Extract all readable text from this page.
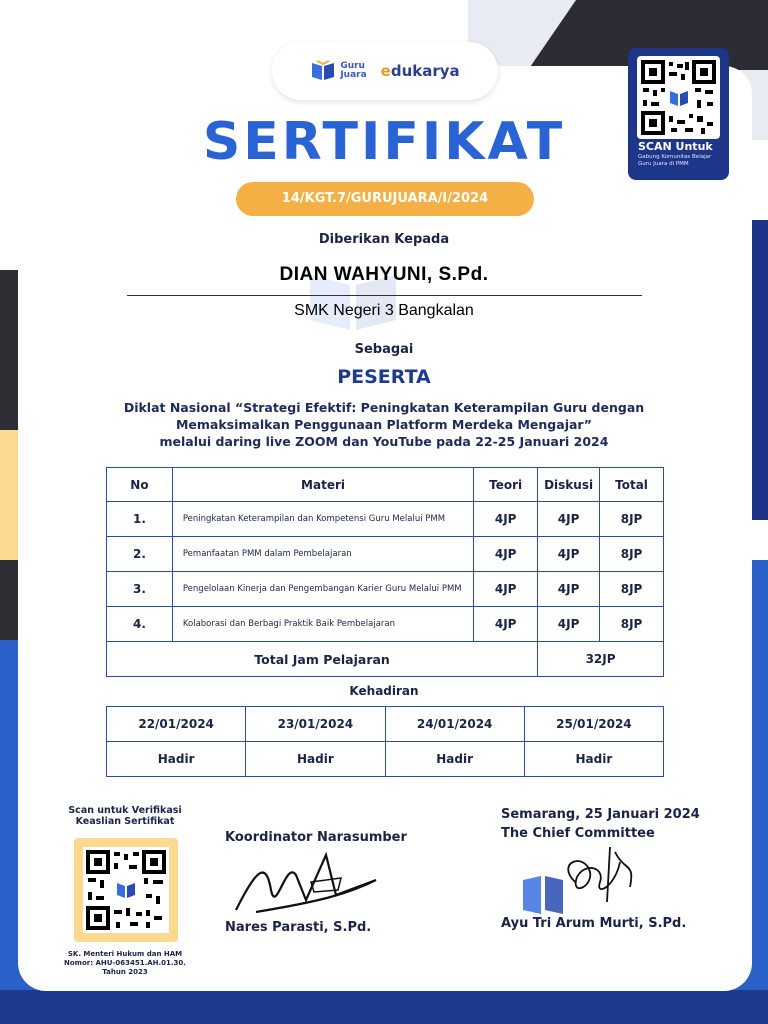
Guru
Juara edukarya
SCAN Untuk
Gabung Komunitas Belajar Guru Juara di PMM
SERTIFIKAT
14/KGT.7/GURUJUARA/I/2024
Diberikan Kepada
DIAN WAHYUNI, S.Pd.
SMK Negeri 3 Bangkalan
Sebagai
PESERTA
Diklat Nasional “Strategi Efektif: Peningkatan Keterampilan Guru dengan
Memaksimalkan Penggunaan Platform Merdeka Mengajar”
melalui daring live ZOOM dan YouTube pada 22-25 Januari 2024
No	Materi	Teori	Diskusi	Total
1.	Peningkatan Keterampilan dan Kompetensi Guru Melalui PMM	4JP	4JP	8JP
2.	Pemanfaatan PMM dalam Pembelajaran	4JP	4JP	8JP
3.	Pengelolaan Kinerja dan Pengembangan Karier Guru Melalui PMM	4JP	4JP	8JP
4.	Kolaborasi dan Berbagi Praktik Baik Pembelajaran	4JP	4JP	8JP
Total Jam Pelajaran			32JP	
Kehadiran
22/01/2024	23/01/2024	24/01/2024	25/01/2024
Hadir	Hadir	Hadir	Hadir
Scan untuk Verifikasi
Keaslian Sertifikat
SK. Menteri Hukum dan HAM
Nomor: AHU-063451.AH.01.30.
Tahun 2023
Koordinator Narasumber
Nares Parasti, S.Pd.
Semarang, 25 Januari 2024
The Chief Committee
Ayu Tri Arum Murti, S.Pd.
